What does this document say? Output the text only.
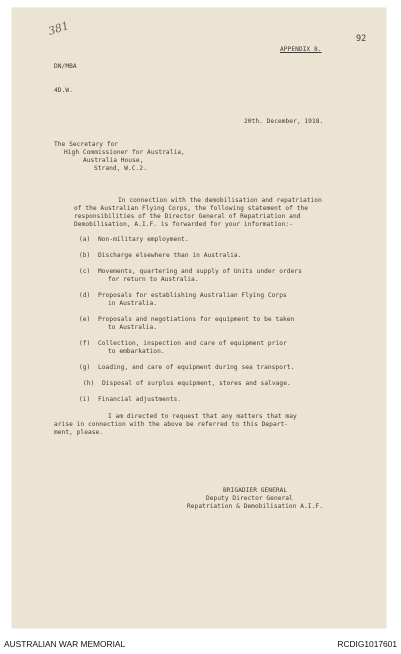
381
92
APPENDIX 8.
DN/MBA
4D.W.
20th. December, 1918.
The Secretary for
High Commissioner for Australia,
Australia House,
Strand, W.C.2.
In connection with the demobilisation and repatriation
of the Australian Flying Corps, the following statement of the
responsibilities of the Director General of Repatriation and
Demobilisation, A.I.F. is forwarded for your information:-
(a) Non-military employment.
(b) Discharge elsewhere than in Australia.
(c) Movements, quartering and supply of Units under orders
for return to Australia.
(d) Proposals for establishing Australian Flying Corps
in Australia.
(e) Proposals and negotiations for equipment to be taken
to Australia.
(f) Collection, inspection and care of equipment prior
to embarkation.
(g) Loading, and care of equipment during sea transport.
(h) Disposal of surplus equipment, stores and salvage.
(i) Financial adjustments.
I am directed to request that any matters that may
arise in connection with the above be referred to this Depart-
ment, please.
BRIGADIER GENERAL
Deputy Director General
Repatriation & Demobilisation A.I.F.
AUSTRALIAN WAR MEMORIAL	RCDIG1017601
